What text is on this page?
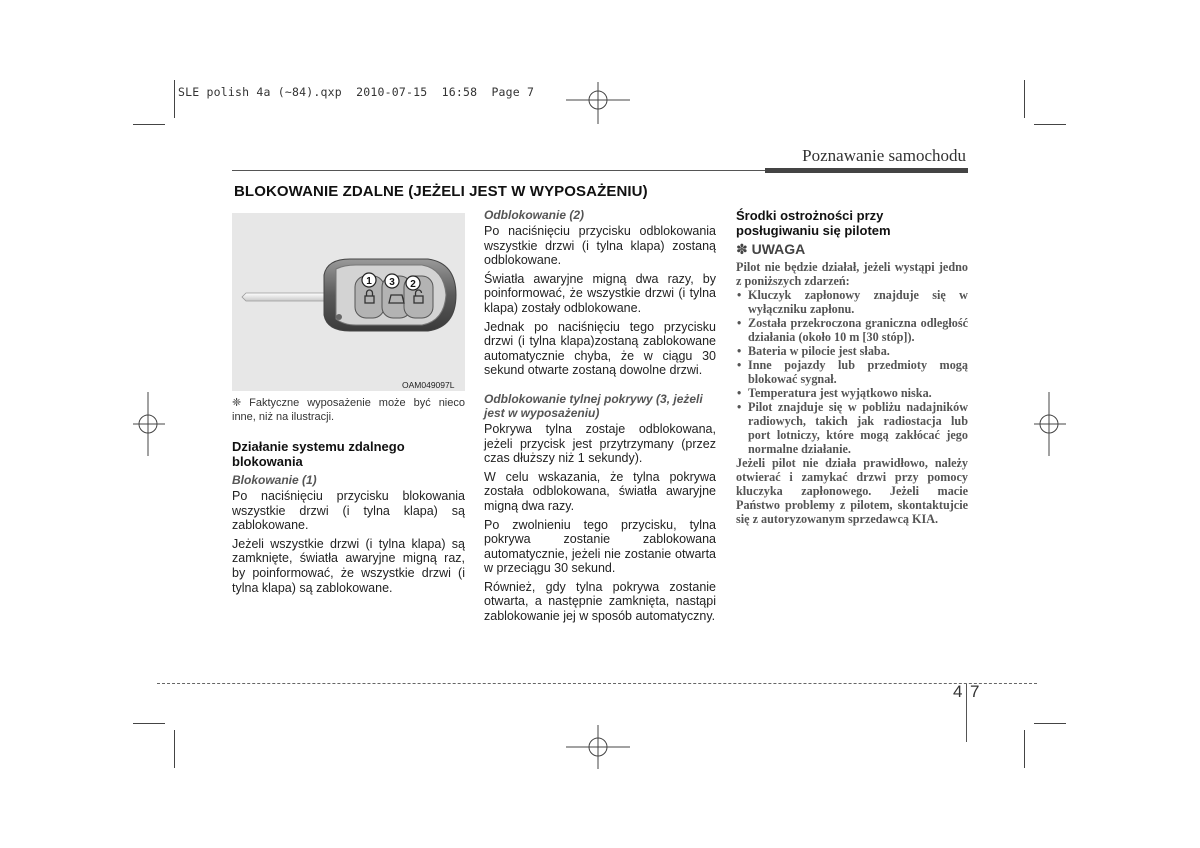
SLE polish 4a (~84).qxp  2010-07-15  16:58  Page 7
Poznawanie samochodu
BLOKOWANIE ZDALNE (JEŻELI JEST W WYPOSAŻENIU)
1 3 2
OAM049097L
❈ Faktyczne wyposażenie może być nieco inne, niż na ilustracji.
Działanie systemu zdalnego blokowania
Blokowanie (1)

Po naciśnięciu przycisku blokowania wszystkie drzwi (i tylna klapa) są zablokowane.

Jeżeli wszystkie drzwi (i tylna klapa) są zamknięte, światła awaryjne migną raz, by poinformować, że wszystkie drzwi (i tylna klapa) są zablokowane.

Odblokowanie (2)

Po naciśnięciu przycisku odblokowania wszystkie drzwi (i tylna klapa) zostaną odblokowane.

Światła awaryjne migną dwa razy, by poinformować, że wszystkie drzwi (i tylna klapa) zostały odblokowane.

Jednak po naciśnięciu tego przycisku drzwi (i tylna klapa)zostaną zablokowane automatycznie chyba, że w ciągu 30 sekund otwarte zostaną dowolne drzwi.

Odblokowanie tylnej pokrywy (3, jeżeli jest w wyposażeniu)

Pokrywa tylna zostaje odblokowana, jeżeli przycisk jest przytrzymany (przez czas dłuższy niż 1 sekundy).

W celu wskazania, że tylna pokrywa została odblokowana, światła awaryjne migną dwa razy.

Po zwolnieniu tego przycisku, tylna pokrywa zostanie zablokowana automatycznie, jeżeli nie zostanie otwarta w przeciągu 30 sekund.

Również, gdy tylna pokrywa zostanie otwarta, a następnie zamknięta, nastąpi zablokowanie jej w sposób automatyczny.

Środki ostrożności przy posługiwaniu się pilotem
✽ UWAGA

Pilot nie będzie działał, jeżeli wystąpi jedno z poniższych zdarzeń:

• Kluczyk zapłonowy znajduje się w wyłączniku zapłonu.
• Została przekroczona graniczna odległość działania (około 10 m [30 stóp]).
• Bateria w pilocie jest słaba.
• Inne pojazdy lub przedmioty mogą blokować sygnał.
• Temperatura jest wyjątkowo niska.
• Pilot znajduje się w pobliżu nadajników radiowych, takich jak radiostacja lub port lotniczy, które mogą zakłócać jego normalne działanie.

Jeżeli pilot nie działa prawidłowo, należy otwierać i zamykać drzwi przy pomocy kluczyka zapłonowego. Jeżeli macie Państwo problemy z pilotem, skontaktujcie się z autoryzowanym sprzedawcą KIA.

4 7
